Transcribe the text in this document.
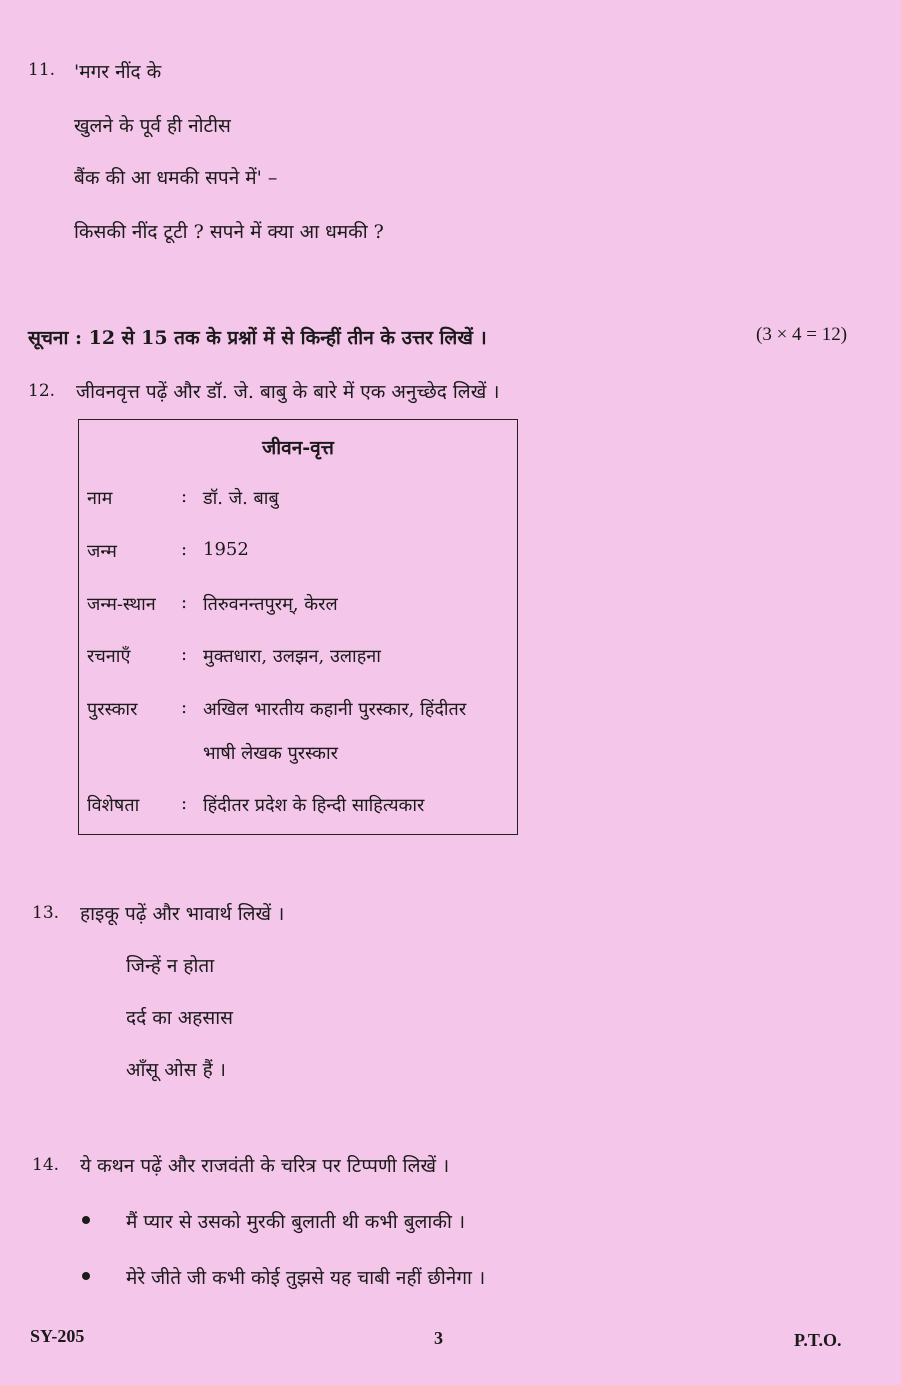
11. 'मगर नींद के
खुलने के पूर्व ही नोटीस
बैंक की आ धमकी सपने में' –
किसकी नींद टूटी ? सपने में क्या आ धमकी ?
सूचना : 12 से 15 तक के प्रश्नों में से किन्हीं तीन के उत्तर लिखें ।	(3 × 4 = 12)
12. जीवनवृत्त पढ़ें और डॉ. जे. बाबु के बारे में एक अनुच्छेद लिखें ।
जीवन-वृत्त
नाम	: डॉ. जे. बाबु
जन्म	: 1952
जन्म-स्थान : तिरुवनन्तपुरम्, केरल
रचनाएँ	: मुक्तधारा, उलझन, उलाहना
पुरस्कार : अखिल भारतीय कहानी पुरस्कार, हिंदीतर
भाषी लेखक पुरस्कार
विशेषता : हिंदीतर प्रदेश के हिन्दी साहित्यकार
13. हाइकू पढ़ें और भावार्थ लिखें ।
जिन्हें न होता
दर्द का अहसास
आँसू ओस हैं ।
14. ये कथन पढ़ें और राजवंती के चरित्र पर टिप्पणी लिखें ।
मैं प्यार से उसको मुरकी बुलाती थी कभी बुलाकी ।
मेरे जीते जी कभी कोई तुझसे यह चाबी नहीं छीनेगा ।
SY-205	3	P.T.O.
